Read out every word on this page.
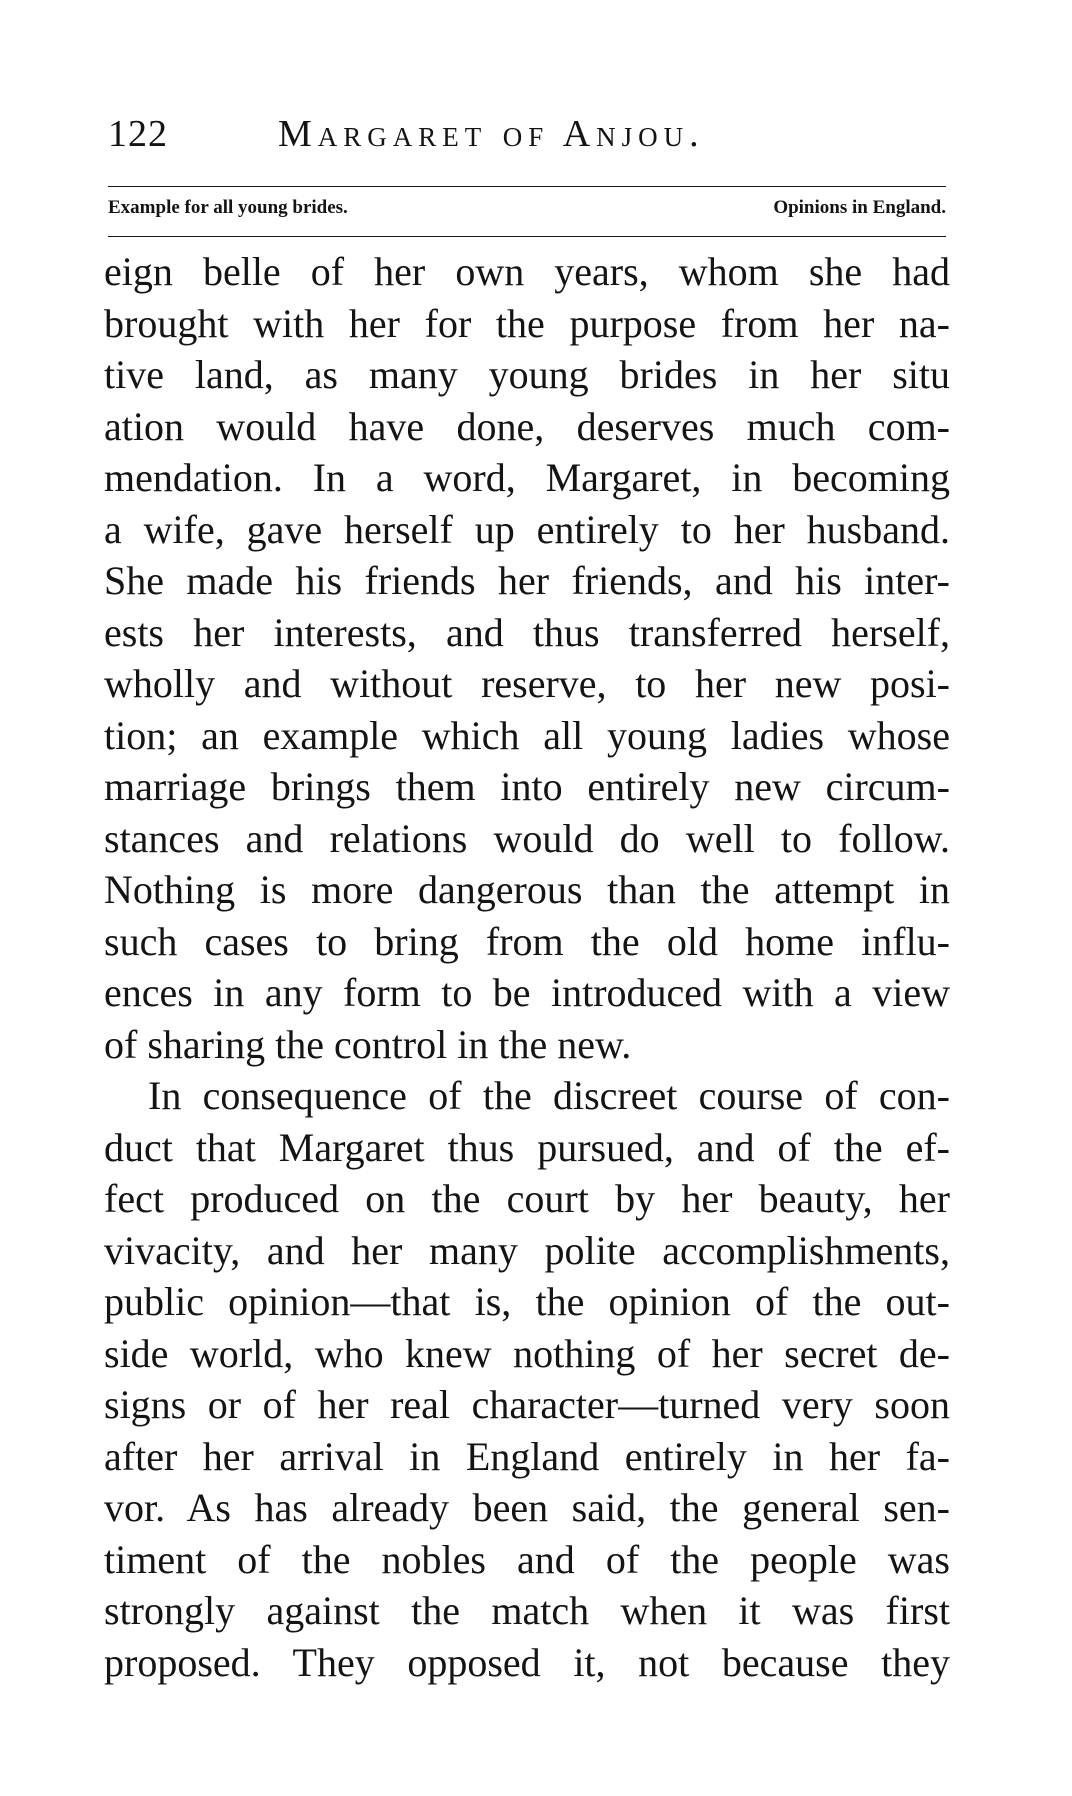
122	Margaret of Anjou.
Example for all young brides.	Opinions in England.
eign belle of her own years, whom she had
brought with her for the purpose from her na-
tive land, as many young brides in her situ
ation would have done, deserves much com-
mendation. In a word, Margaret, in becoming
a wife, gave herself up entirely to her husband.
She made his friends her friends, and his inter-
ests her interests, and thus transferred herself,
wholly and without reserve, to her new posi-
tion; an example which all young ladies whose
marriage brings them into entirely new circum-
stances and relations would do well to follow.
Nothing is more dangerous than the attempt in
such cases to bring from the old home influ-
ences in any form to be introduced with a view
of sharing the control in the new.
In consequence of the discreet course of con-
duct that Margaret thus pursued, and of the ef-
fect produced on the court by her beauty, her
vivacity, and her many polite accomplishments,
public opinion—that is, the opinion of the out-
side world, who knew nothing of her secret de-
signs or of her real character—turned very soon
after her arrival in England entirely in her fa-
vor. As has already been said, the general sen-
timent of the nobles and of the people was
strongly against the match when it was first
proposed. They opposed it, not because they
